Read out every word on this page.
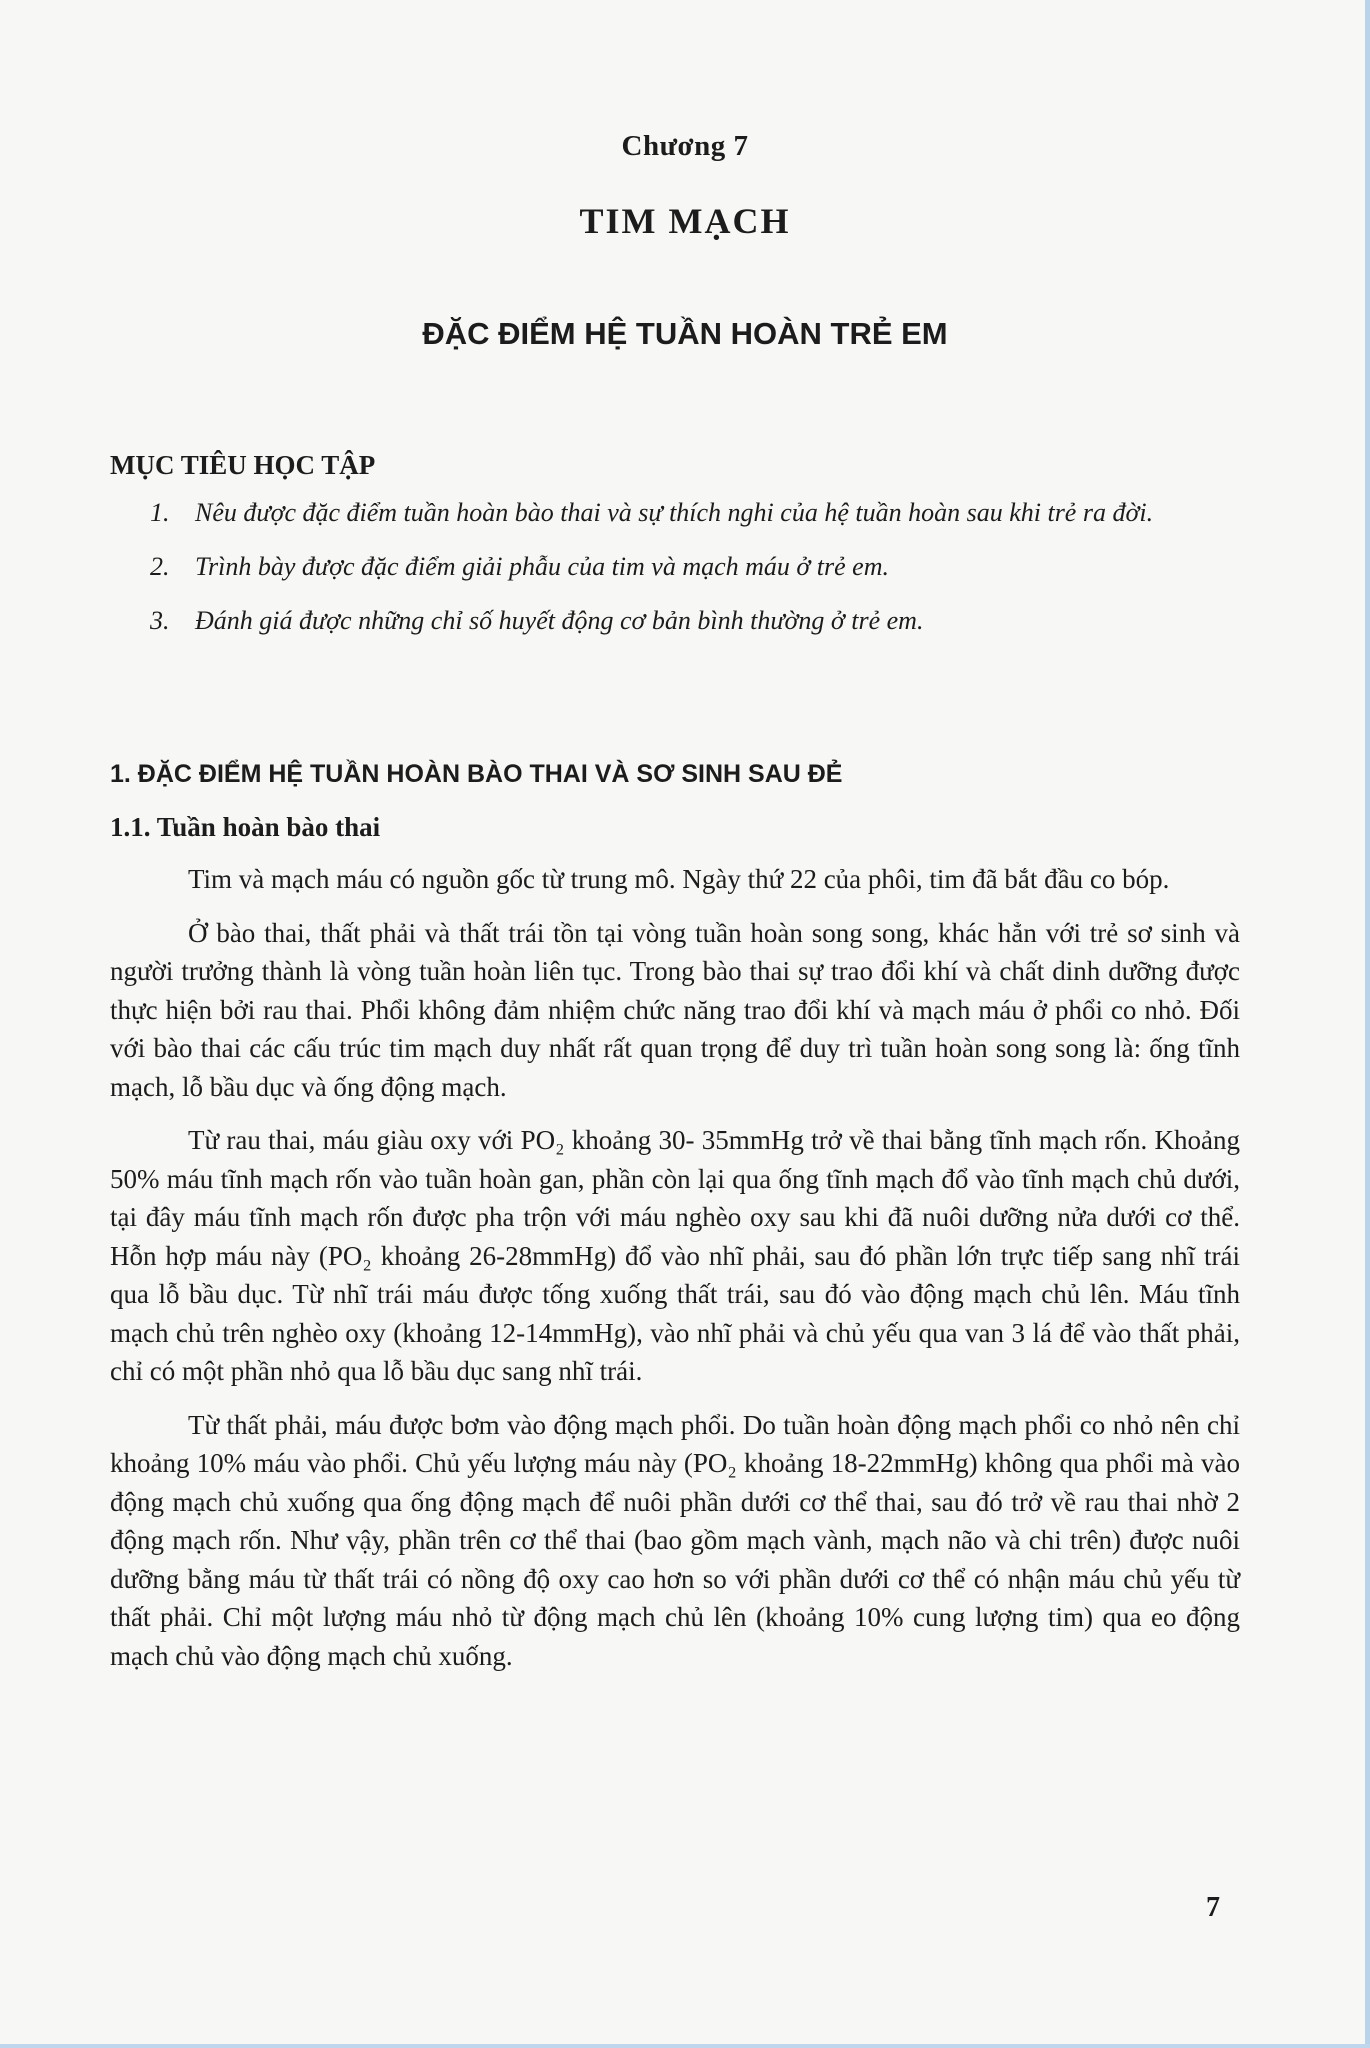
Chương 7
TIM MẠCH
ĐẶC ĐIỂM HỆ TUẦN HOÀN TRẺ EM
MỤC TIÊU HỌC TẬP
1. Nêu được đặc điểm tuần hoàn bào thai và sự thích nghi của hệ tuần hoàn sau khi trẻ ra đời.
2. Trình bày được đặc điểm giải phẫu của tim và mạch máu ở trẻ em.
3. Đánh giá được những chỉ số huyết động cơ bản bình thường ở trẻ em.
1. ĐẶC ĐIỂM HỆ TUẦN HOÀN BÀO THAI VÀ SƠ SINH SAU ĐẺ
1.1. Tuần hoàn bào thai

Tim và mạch máu có nguồn gốc từ trung mô. Ngày thứ 22 của phôi, tim đã bắt đầu co bóp.

Ở bào thai, thất phải và thất trái tồn tại vòng tuần hoàn song song, khác hẳn với trẻ sơ sinh và người trưởng thành là vòng tuần hoàn liên tục. Trong bào thai sự trao đổi khí và chất dinh dưỡng được thực hiện bởi rau thai. Phổi không đảm nhiệm chức năng trao đổi khí và mạch máu ở phổi co nhỏ. Đối với bào thai các cấu trúc tim mạch duy nhất rất quan trọng để duy trì tuần hoàn song song là: ống tĩnh mạch, lỗ bầu dục và ống động mạch.

Từ rau thai, máu giàu oxy với PO₂ khoảng 30- 35mmHg trở về thai bằng tĩnh mạch rốn. Khoảng 50% máu tĩnh mạch rốn vào tuần hoàn gan, phần còn lại qua ống tĩnh mạch đổ vào tĩnh mạch chủ dưới, tại đây máu tĩnh mạch rốn được pha trộn với máu nghèo oxy sau khi đã nuôi dưỡng nửa dưới cơ thể. Hỗn hợp máu này (PO₂ khoảng 26-28mmHg) đổ vào nhĩ phải, sau đó phần lớn trực tiếp sang nhĩ trái qua lỗ bầu dục. Từ nhĩ trái máu được tống xuống thất trái, sau đó vào động mạch chủ lên. Máu tĩnh mạch chủ trên nghèo oxy (khoảng 12-14mmHg), vào nhĩ phải và chủ yếu qua van 3 lá để vào thất phải, chỉ có một phần nhỏ qua lỗ bầu dục sang nhĩ trái.

Từ thất phải, máu được bơm vào động mạch phổi. Do tuần hoàn động mạch phổi co nhỏ nên chỉ khoảng 10% máu vào phổi. Chủ yếu lượng máu này (PO₂ khoảng 18-22mmHg) không qua phổi mà vào động mạch chủ xuống qua ống động mạch để nuôi phần dưới cơ thể thai, sau đó trở về rau thai nhờ 2 động mạch rốn. Như vậy, phần trên cơ thể thai (bao gồm mạch vành, mạch não và chi trên) được nuôi dưỡng bằng máu từ thất trái có nồng độ oxy cao hơn so với phần dưới cơ thể có nhận máu chủ yếu từ thất phải. Chỉ một lượng máu nhỏ từ động mạch chủ lên (khoảng 10% cung lượng tim) qua eo động mạch chủ vào động mạch chủ xuống.

7
